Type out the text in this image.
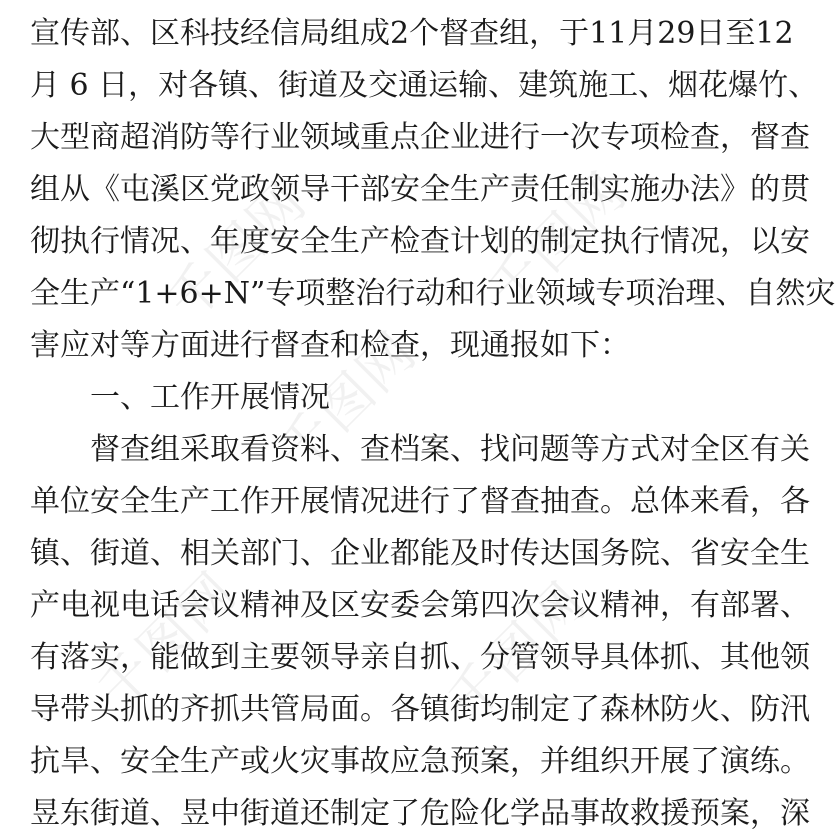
千图网	千图网
千图网
千图网	千图网
宣传部、区科技经信局组成2个督查组，于11月29日至12
月 6 日，对各镇、街道及交通运输、建筑施工、烟花爆竹、
大型商超消防等行业领域重点企业进行一次专项检查，督查
组从《屯溪区党政领导干部安全生产责任制实施办法》的贯
彻执行情况、年度安全生产检查计划的制定执行情况，以安
全生产“1+6+N”专项整治行动和行业领域专项治理、自然灾
害应对等方面进行督查和检查，现通报如下：
一、工作开展情况
督查组采取看资料、查档案、找问题等方式对全区有关
单位安全生产工作开展情况进行了督查抽查。总体来看，各
镇、街道、相关部门、企业都能及时传达国务院、省安全生
产电视电话会议精神及区安委会第四次会议精神，有部署、
有落实，能做到主要领导亲自抓、分管领导具体抓、其他领
导带头抓的齐抓共管局面。各镇街均制定了森林防火、防汛
抗旱、安全生产或火灾事故应急预案，并组织开展了演练。
昱东街道、昱中街道还制定了危险化学品事故救援预案，深
